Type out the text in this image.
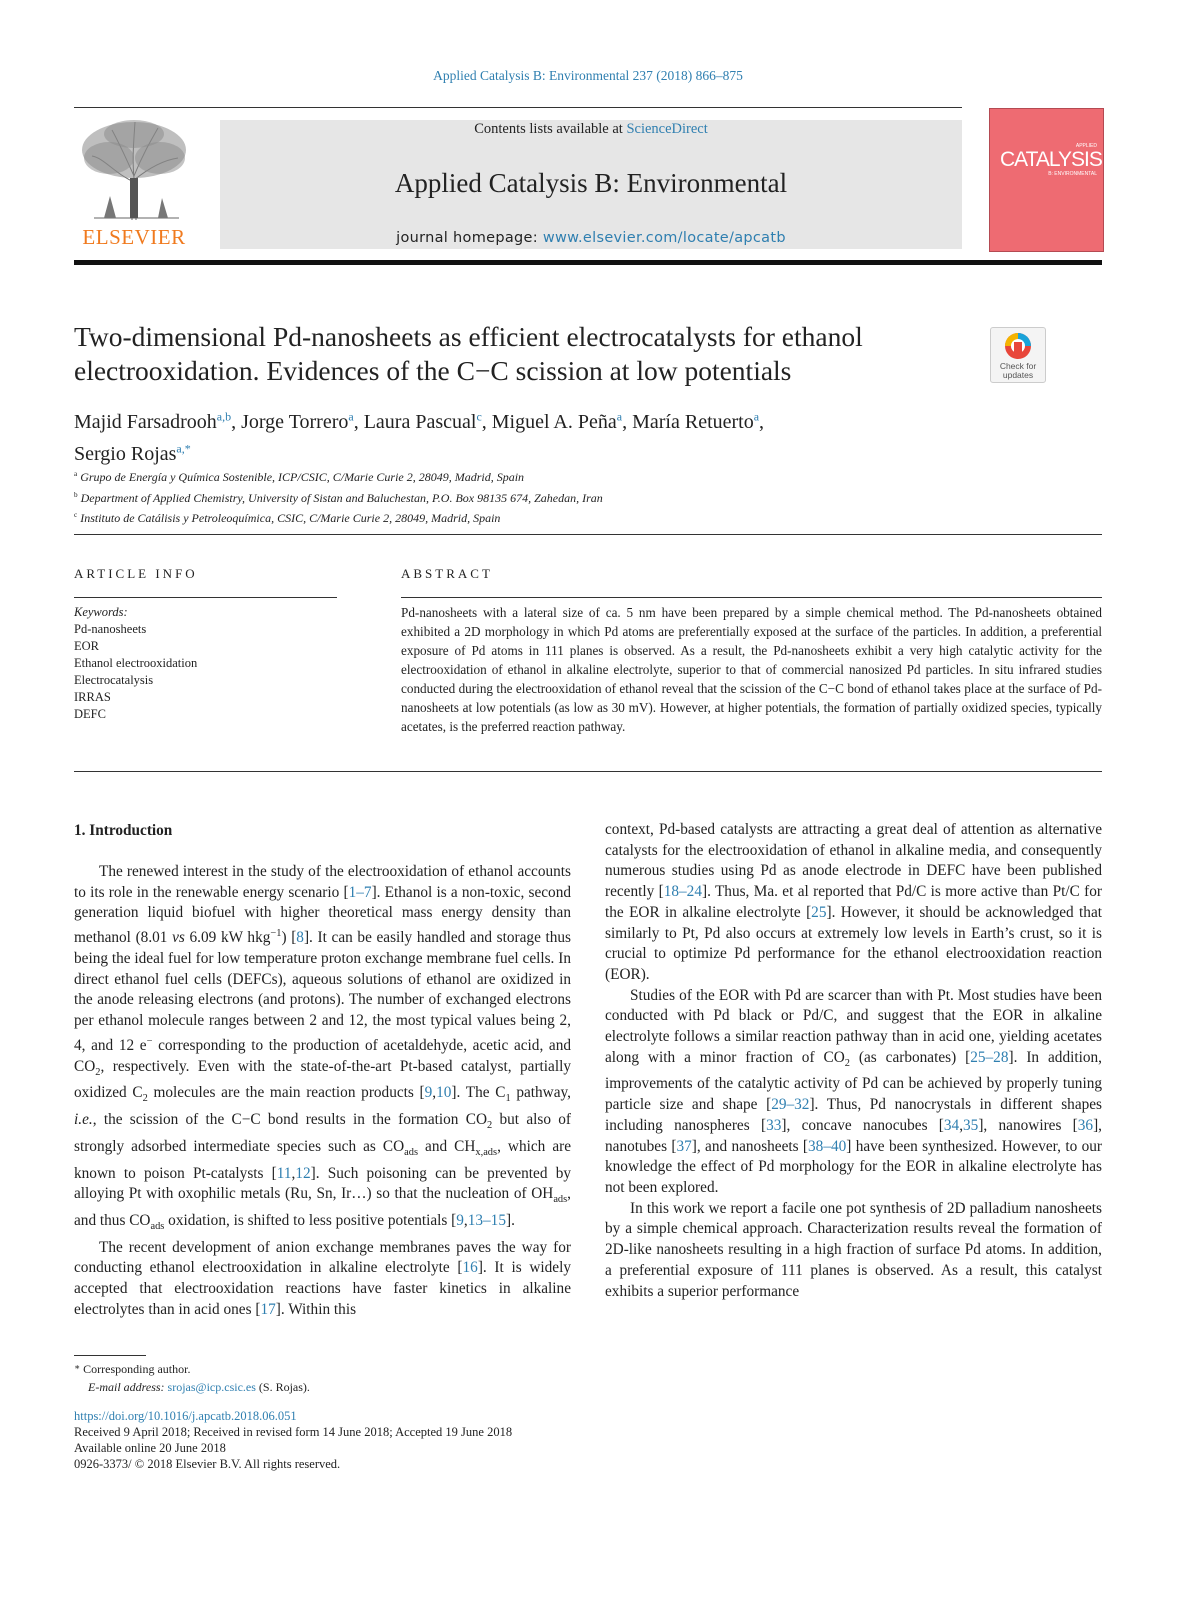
Applied Catalysis B: Environmental 237 (2018) 866–875
ELSEVIER
Contents lists available at ScienceDirect
Applied Catalysis B: Environmental
journal homepage: www.elsevier.com/locate/apcatb
APPLIED
CATALYSIS
B: ENVIRONMENTAL
Two-dimensional Pd-nanosheets as efficient electrocatalysts for ethanol
electrooxidation. Evidences of the C−C scission at low potentials	Check for updates
Majid Farsadrooh$^{a,b}$, Jorge Torrero$^a$, Laura Pascual$^c$, Miguel A. Peña$^a$, María Retuerto$^a$,
Sergio Rojas$^{a,*}$
$^a$ Grupo de Energía y Química Sostenible, ICP/CSIC, C/Marie Curie 2, 28049, Madrid, Spain
$^b$ Department of Applied Chemistry, University of Sistan and Baluchestan, P.O. Box 98135 674, Zahedan, Iran
$^c$ Instituto de Catálisis y Petroleoquímica, CSIC, C/Marie Curie 2, 28049, Madrid, Spain
ARTICLE INFO	ABSTRACT
Keywords:
Pd-nanosheets
EOR
Ethanol electrooxidation
Electrocatalysis
IRRAS
DEFC
Pd-nanosheets with a lateral size of ca. 5 nm have been prepared by a simple chemical method. The Pd-nanosheets obtained exhibited a 2D morphology in which Pd atoms are preferentially exposed at the surface of the particles. In addition, a preferential exposure of Pd atoms in 111 planes is observed. As a result, the Pd-nanosheets exhibit a very high catalytic activity for the electrooxidation of ethanol in alkaline electrolyte, superior to that of commercial nanosized Pd particles. In situ infrared studies conducted during the electrooxidation of ethanol reveal that the scission of the C−C bond of ethanol takes place at the surface of Pd-nanosheets at low potentials (as low as 30 mV). However, at higher potentials, the formation of partially oxidized species, typically acetates, is the preferred reaction pathway.
1. Introduction

The renewed interest in the study of the electrooxidation of ethanol accounts to its role in the renewable energy scenario [1–7]. Ethanol is a non-toxic, second generation liquid biofuel with higher theoretical mass energy density than methanol (8.01 vs 6.09 kW hkg$^{-1}$) [8]. It can be easily handled and storage thus being the ideal fuel for low temperature proton exchange membrane fuel cells. In direct ethanol fuel cells (DEFCs), aqueous solutions of ethanol are oxidized in the anode releasing electrons (and protons). The number of exchanged electrons per ethanol molecule ranges between 2 and 12, the most typical values being 2, 4, and 12 e− corresponding to the production of acetaldehyde, acetic acid, and $CO_2$, respectively. Even with the state-of-the-art Pt-based catalyst, partially oxidized $C_2$ molecules are the main reaction products [9,10]. The $C_1$ pathway, i.e., the scission of the C−C bond results in the formation $CO_2$ but also of strongly adsorbed intermediate species such as $CO_{ads}$ and $CH_{x,ads}$, which are known to poison Pt-catalysts [11,12]. Such poisoning can be prevented by alloying Pt with oxophilic metals (Ru, Sn, Ir…) so that the nucleation of $OH_{ads}$, and thus $CO_{ads}$ oxidation, is shifted to less positive potentials [9,13–15].

The recent development of anion exchange membranes paves the way for conducting ethanol electrooxidation in alkaline electrolyte [16]. It is widely accepted that electrooxidation reactions have faster kinetics in alkaline electrolytes than in acid ones [17]. Within this

context, Pd-based catalysts are attracting a great deal of attention as alternative catalysts for the electrooxidation of ethanol in alkaline media, and consequently numerous studies using Pd as anode electrode in DEFC have been published recently [18–24]. Thus, Ma. et al reported that Pd/C is more active than Pt/C for the EOR in alkaline electrolyte [25]. However, it should be acknowledged that similarly to Pt, Pd also occurs at extremely low levels in Earth’s crust, so it is crucial to optimize Pd performance for the ethanol electrooxidation reaction (EOR).

Studies of the EOR with Pd are scarcer than with Pt. Most studies have been conducted with Pd black or Pd/C, and suggest that the EOR in alkaline electrolyte follows a similar reaction pathway than in acid one, yielding acetates along with a minor fraction of $CO_2$ (as carbonates) [25–28]. In addition, improvements of the catalytic activity of Pd can be achieved by properly tuning particle size and shape [29–32]. Thus, Pd nanocrystals in different shapes including nanospheres [33], concave nanocubes [34,35], nanowires [36], nanotubes [37], and nanosheets [38–40] have been synthesized. However, to our knowledge the effect of Pd morphology for the EOR in alkaline electrolyte has not been explored.

In this work we report a facile one pot synthesis of 2D palladium nanosheets by a simple chemical approach. Characterization results reveal the formation of 2D-like nanosheets resulting in a high fraction of surface Pd atoms. In addition, a preferential exposure of 111 planes is observed. As a result, this catalyst exhibits a superior performance

∗ Corresponding author.
E-mail address: srojas@icp.csic.es (S. Rojas).
https://doi.org/10.1016/j.apcatb.2018.06.051
Received 9 April 2018; Received in revised form 14 June 2018; Accepted 19 June 2018
Available online 20 June 2018
0926-3373/ © 2018 Elsevier B.V. All rights reserved.
